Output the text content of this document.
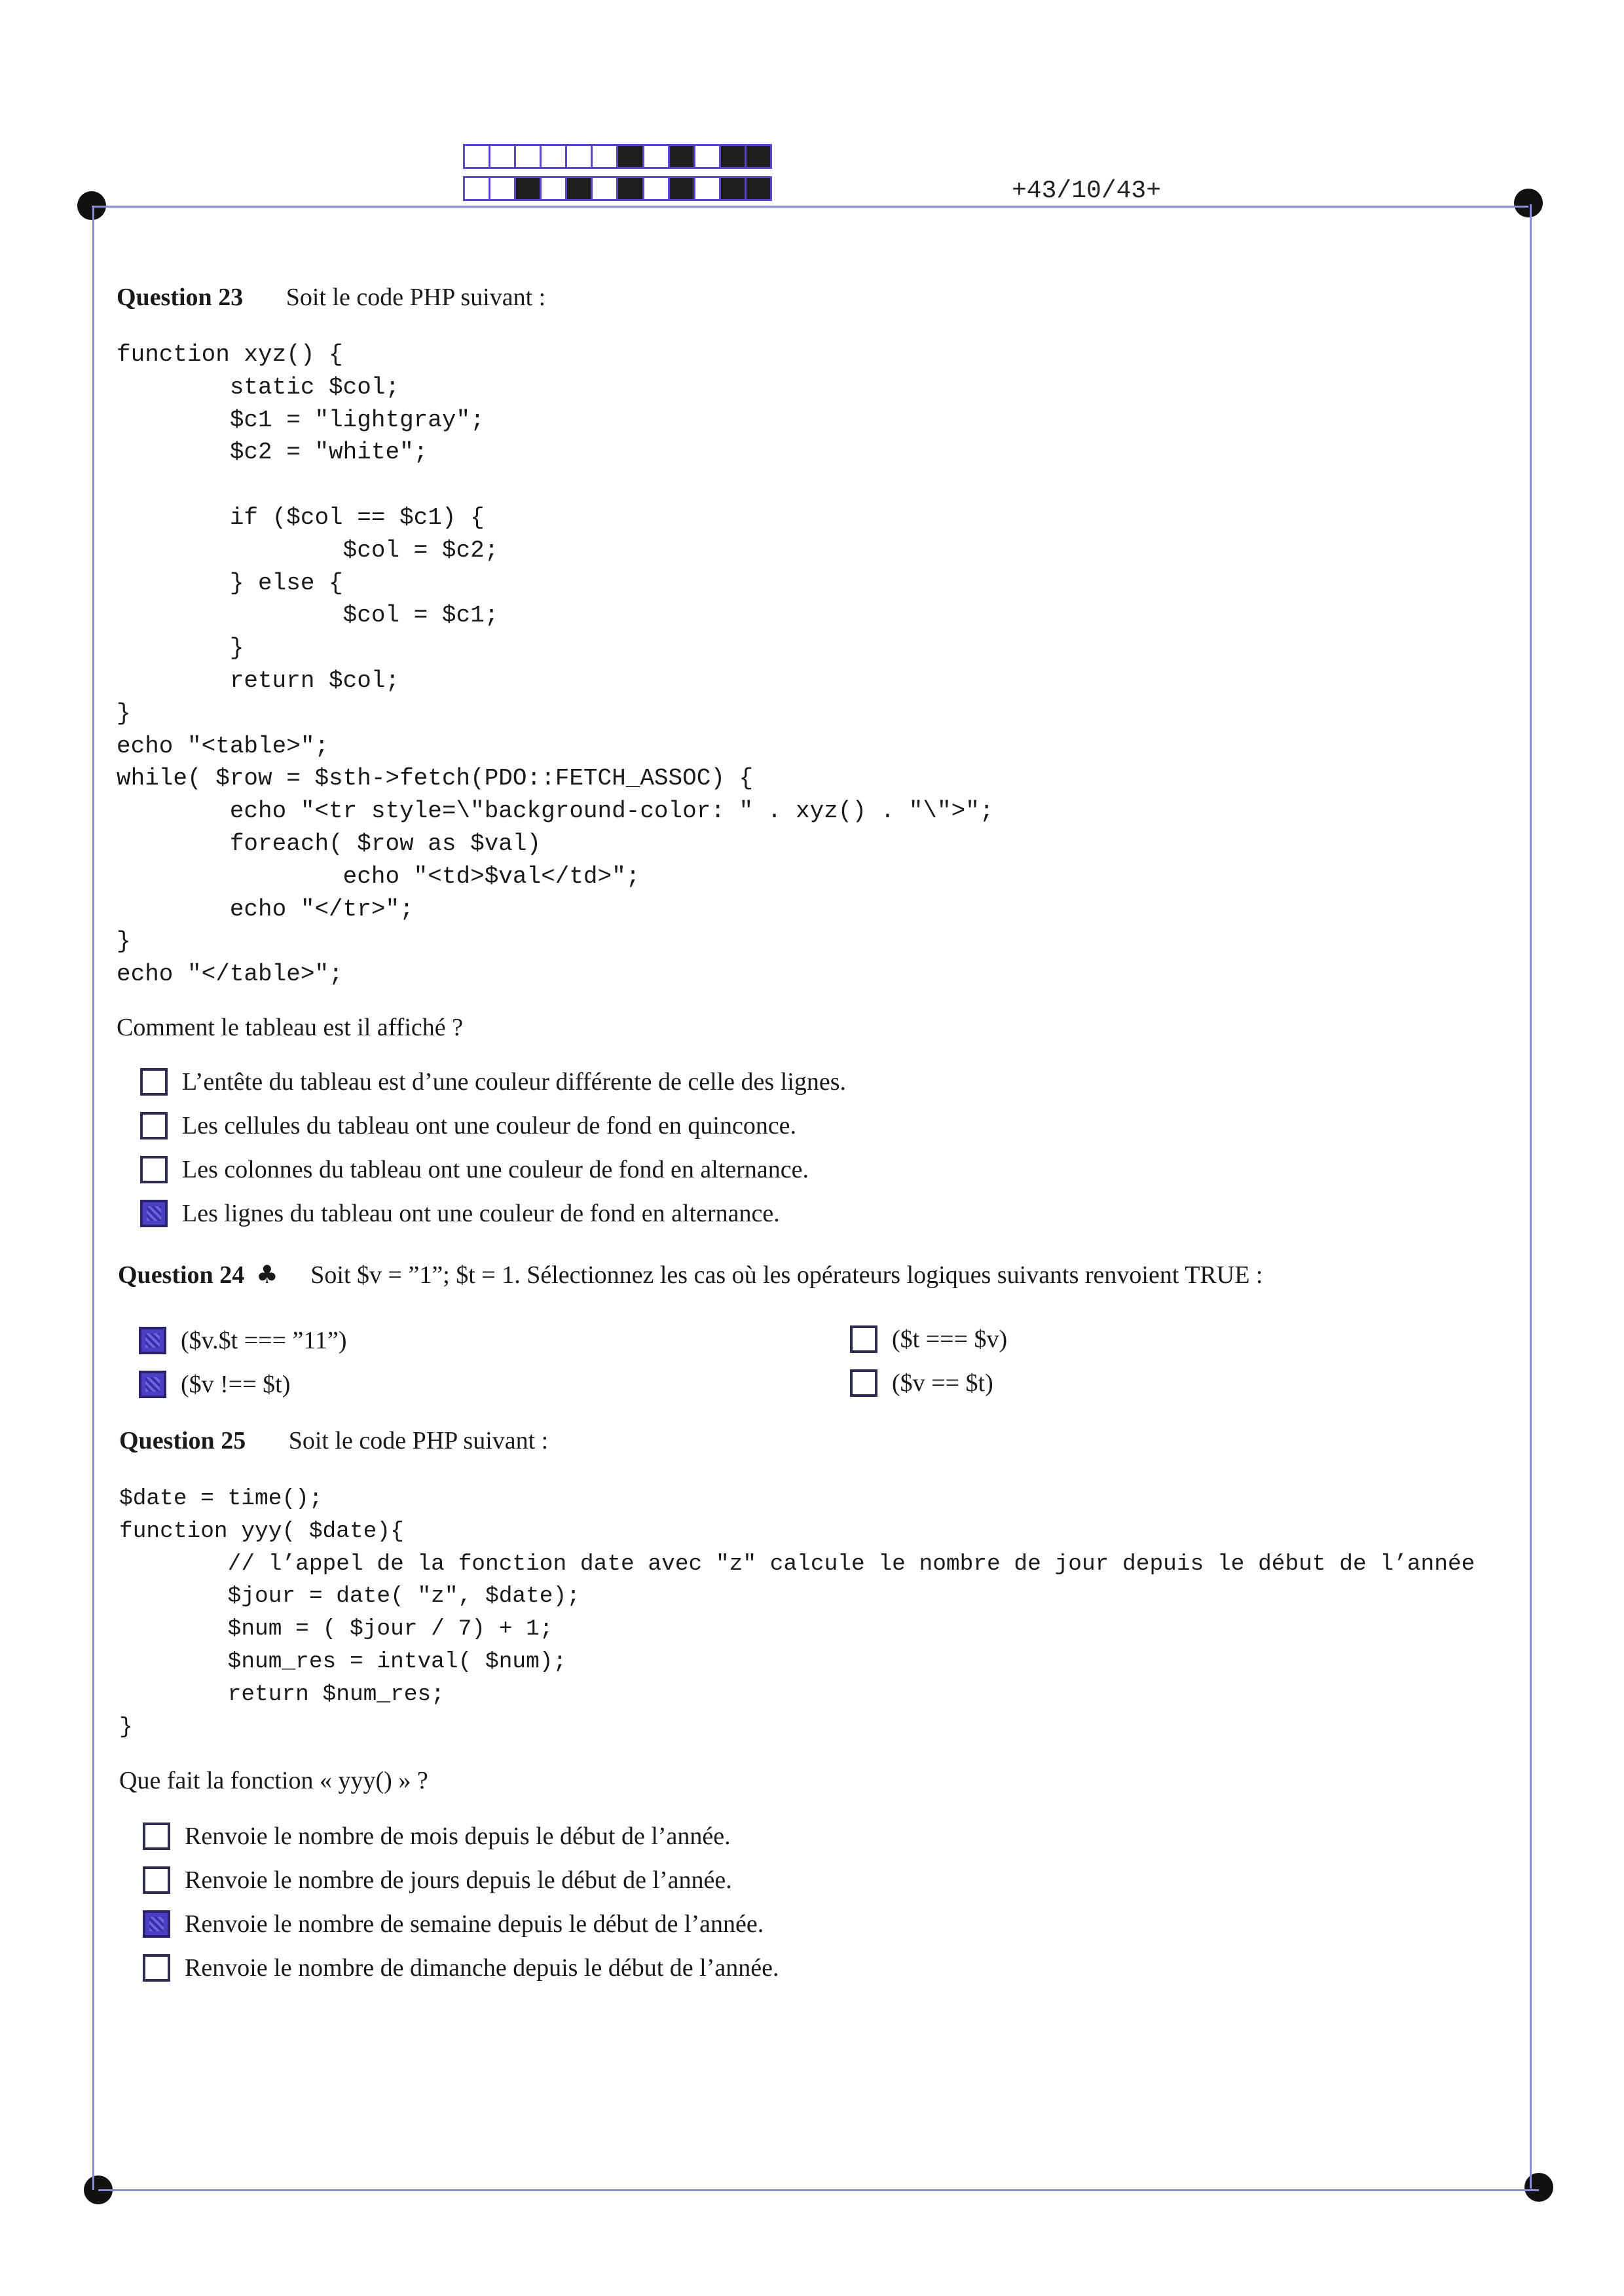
+43/10/43+
Question 23 Soit le code PHP suivant :
function xyz() {
static $col;
$c1 = "lightgray";
$c2 = "white";

if ($col == $c1) {
$col = $c2;
} else {
$col = $c1;
}
return $col;
}
echo "<table>";
while( $row = $sth->fetch(PDO::FETCH_ASSOC) {
echo "<tr style=\"background-color: " . xyz() . "\">";
foreach( $row as $val)
echo "<td>$val</td>";
echo "</tr>";
}
echo "</table>";
Comment le tableau est il affiché ?
L’entête du tableau est d’une couleur différente de celle des lignes.
Les cellules du tableau ont une couleur de fond en quinconce.
Les colonnes du tableau ont une couleur de fond en alternance.
Les lignes du tableau ont une couleur de fond en alternance.
Question 24 ♣ Soit $v = ”1”; $t = 1. Sélectionnez les cas où les opérateurs logiques suivants renvoient TRUE :
($v.$t === ”11”)
($v !== $t)
($t === $v)
($v == $t)
Question 25 Soit le code PHP suivant :
$date = time();
function yyy( $date){
// l’appel de la fonction date avec "z" calcule le nombre de jour depuis le début de l’année
$jour = date( "z", $date);
$num = ( $jour / 7) + 1;
$num_res = intval( $num);
return $num_res;
}
Que fait la fonction « yyy() » ?
Renvoie le nombre de mois depuis le début de l’année.
Renvoie le nombre de jours depuis le début de l’année.
Renvoie le nombre de semaine depuis le début de l’année.
Renvoie le nombre de dimanche depuis le début de l’année.
